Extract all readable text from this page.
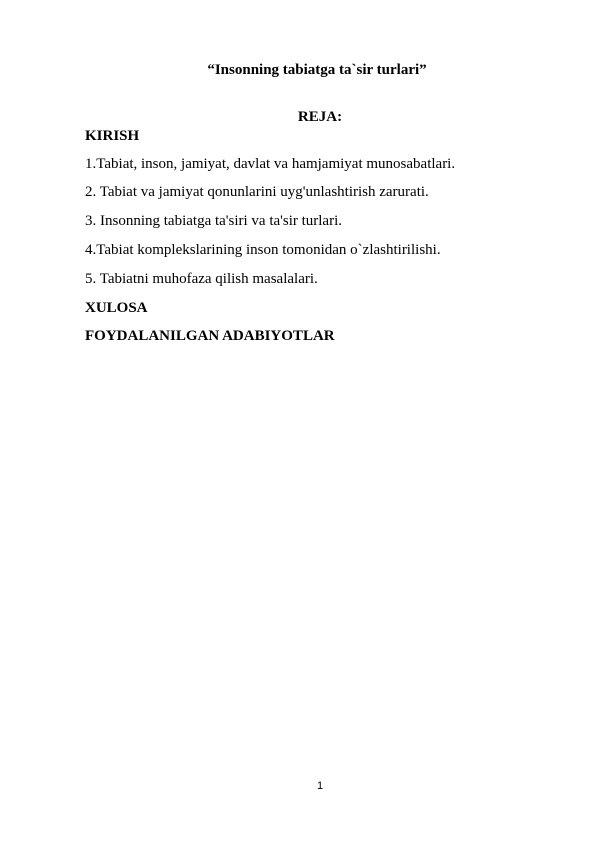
“Insonning tabiatga ta`sir turlari”
REJA:
KIRISH
1.Tabiat, inson, jamiyat, davlat va hamjamiyat munosabatlari.
2. Tabiat va jamiyat qonunlarini uyg'unlashtirish zarurati.
3. Insonning tabiatga ta'siri va ta'sir turlari.
4.Tabiat komplekslarining inson tomonidan o`zlashtirilishi.
5. Tabiatni muhofaza qilish masalalari.
XULOSA
FOYDALANILGAN ADABIYOTLAR
1
